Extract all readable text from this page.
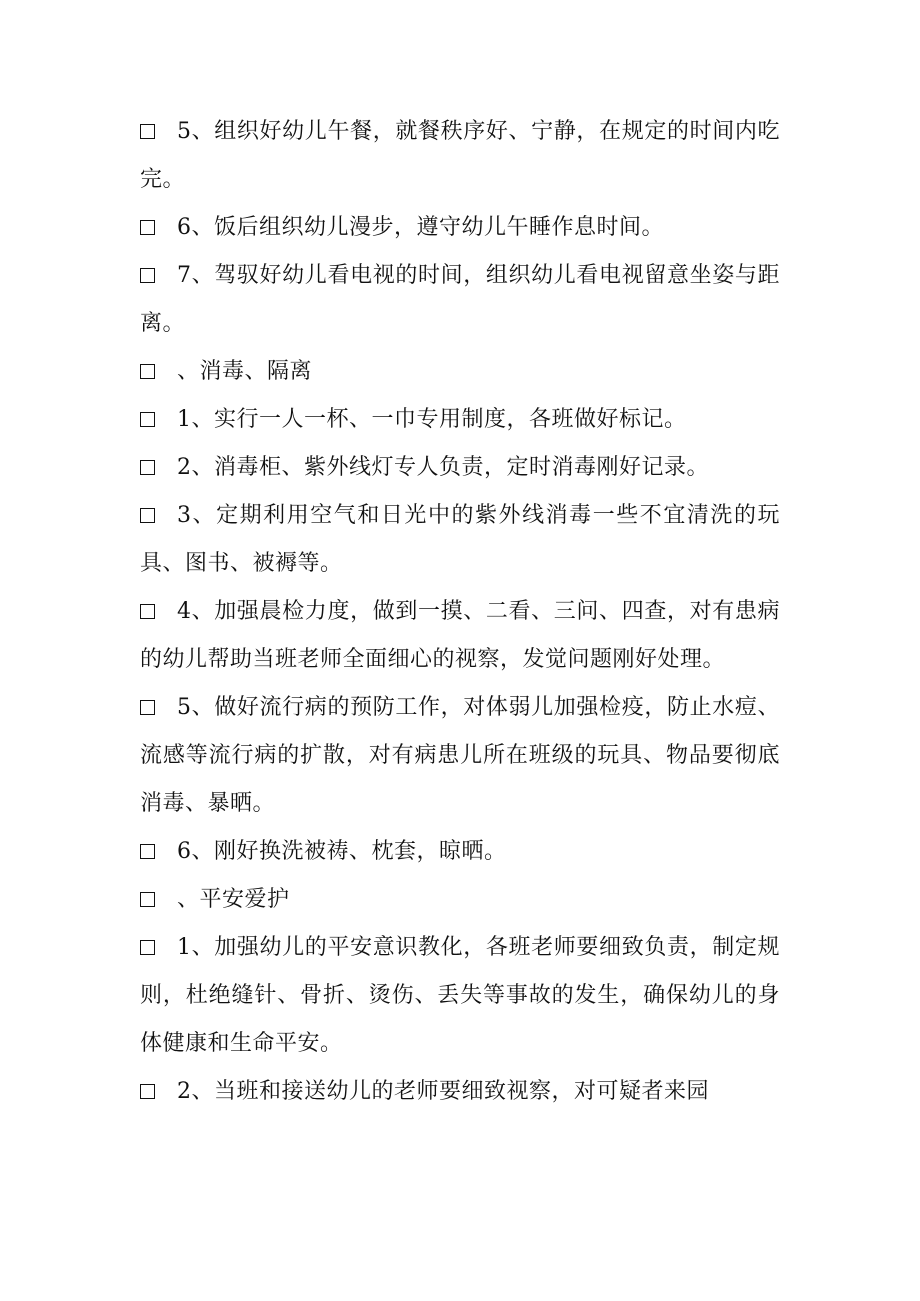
5、组织好幼儿午餐，就餐秩序好、宁静，在规定的时间内吃完。

6、饭后组织幼儿漫步，遵守幼儿午睡作息时间。

7、驾驭好幼儿看电视的时间，组织幼儿看电视留意坐姿与距离。

、消毒、隔离

1、实行一人一杯、一巾专用制度，各班做好标记。

2、消毒柜、紫外线灯专人负责，定时消毒刚好记录。

3、定期利用空气和日光中的紫外线消毒一些不宜清洗的玩具、图书、被褥等。

4、加强晨检力度，做到一摸、二看、三问、四查，对有患病的幼儿帮助当班老师全面细心的视察，发觉问题刚好处理。

5、做好流行病的预防工作，对体弱儿加强检疫，防止水痘、流感等流行病的扩散，对有病患儿所在班级的玩具、物品要彻底消毒、暴晒。

6、刚好换洗被祷、枕套，晾晒。

、平安爱护

1、加强幼儿的平安意识教化，各班老师要细致负责，制定规则，杜绝缝针、骨折、烫伤、丢失等事故的发生，确保幼儿的身体健康和生命平安。

2、当班和接送幼儿的老师要细致视察，对可疑者来园
